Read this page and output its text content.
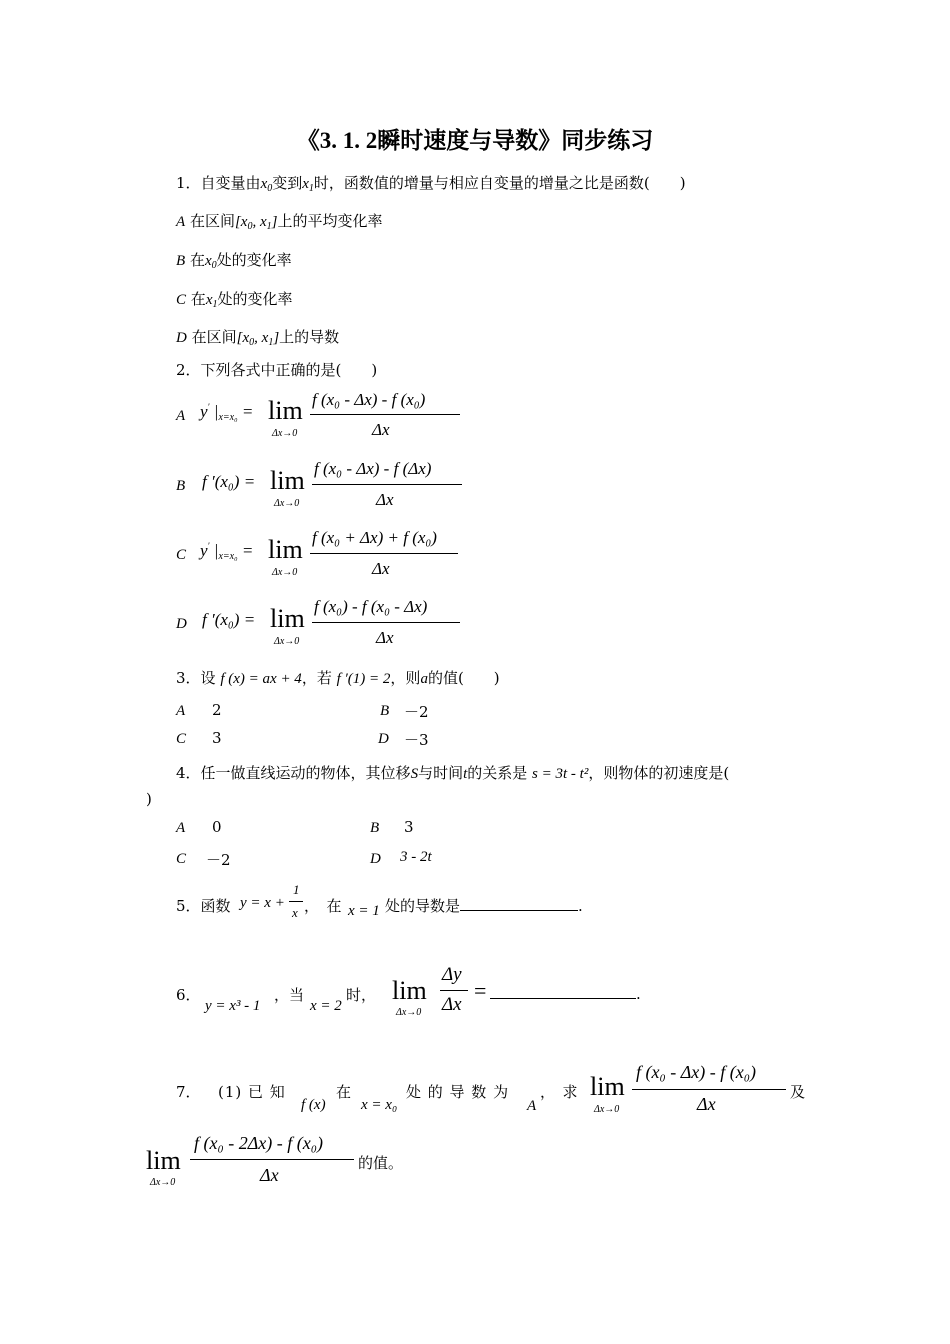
《3. 1. 2瞬时速度与导数》同步练习
1．自变量由$x_0$变到$x_1$时，函数值的增量与相应自变量的增量之比是函数(　　)
A 在区间[$x_0$, $x_1$]上的平均变化率
B 在$x_0$处的变化率
C 在$x_1$处的变化率
D 在区间[$x_0$, $x_1$]上的导数
2．下列各式中正确的是(　　)
A y′ $|_{x=x_0} = \lim$
Δx→0
f (x₀ - Δx) - f (x₀)
Δx
B f ′(x₀) = lim
Δx→0
f (x₀ - Δx) - f (Δx)
Δx
C y′ $|_{x=x_0} = \lim$
Δx→0
f (x₀ + Δx) + f (x₀)
Δx
D f ′(x₀) = lim
Δx→0
f (x₀) - f (x₀ - Δx)
Δx
3．设 f (x) = ax + 4，若 f ′(1) = 2，则a的值(　　)
A 2	B －2
C 3	D －3
4．任一做直线运动的物体，其位移S与时间t的关系是 s = 3t - t²，则物体的初速度是(
)
A 0	B 3
C －2	D 3 - 2t
5．函数 y = x +
1
x ，　在 x = 1 处的导数是	.
6．
y = x³ - 1
，当
x = 2
时， lim
Δx→0
Δy
Δx
=	.
7． (1) 已 知
f (x)
在
x = x₀
处 的 导 数 为
A
，　求 lim
Δx→0
f (x₀ - Δx) - f (x₀)
Δx
及
lim
Δx→0
f (x₀ - 2Δx) - f (x₀)
Δx
的值。
